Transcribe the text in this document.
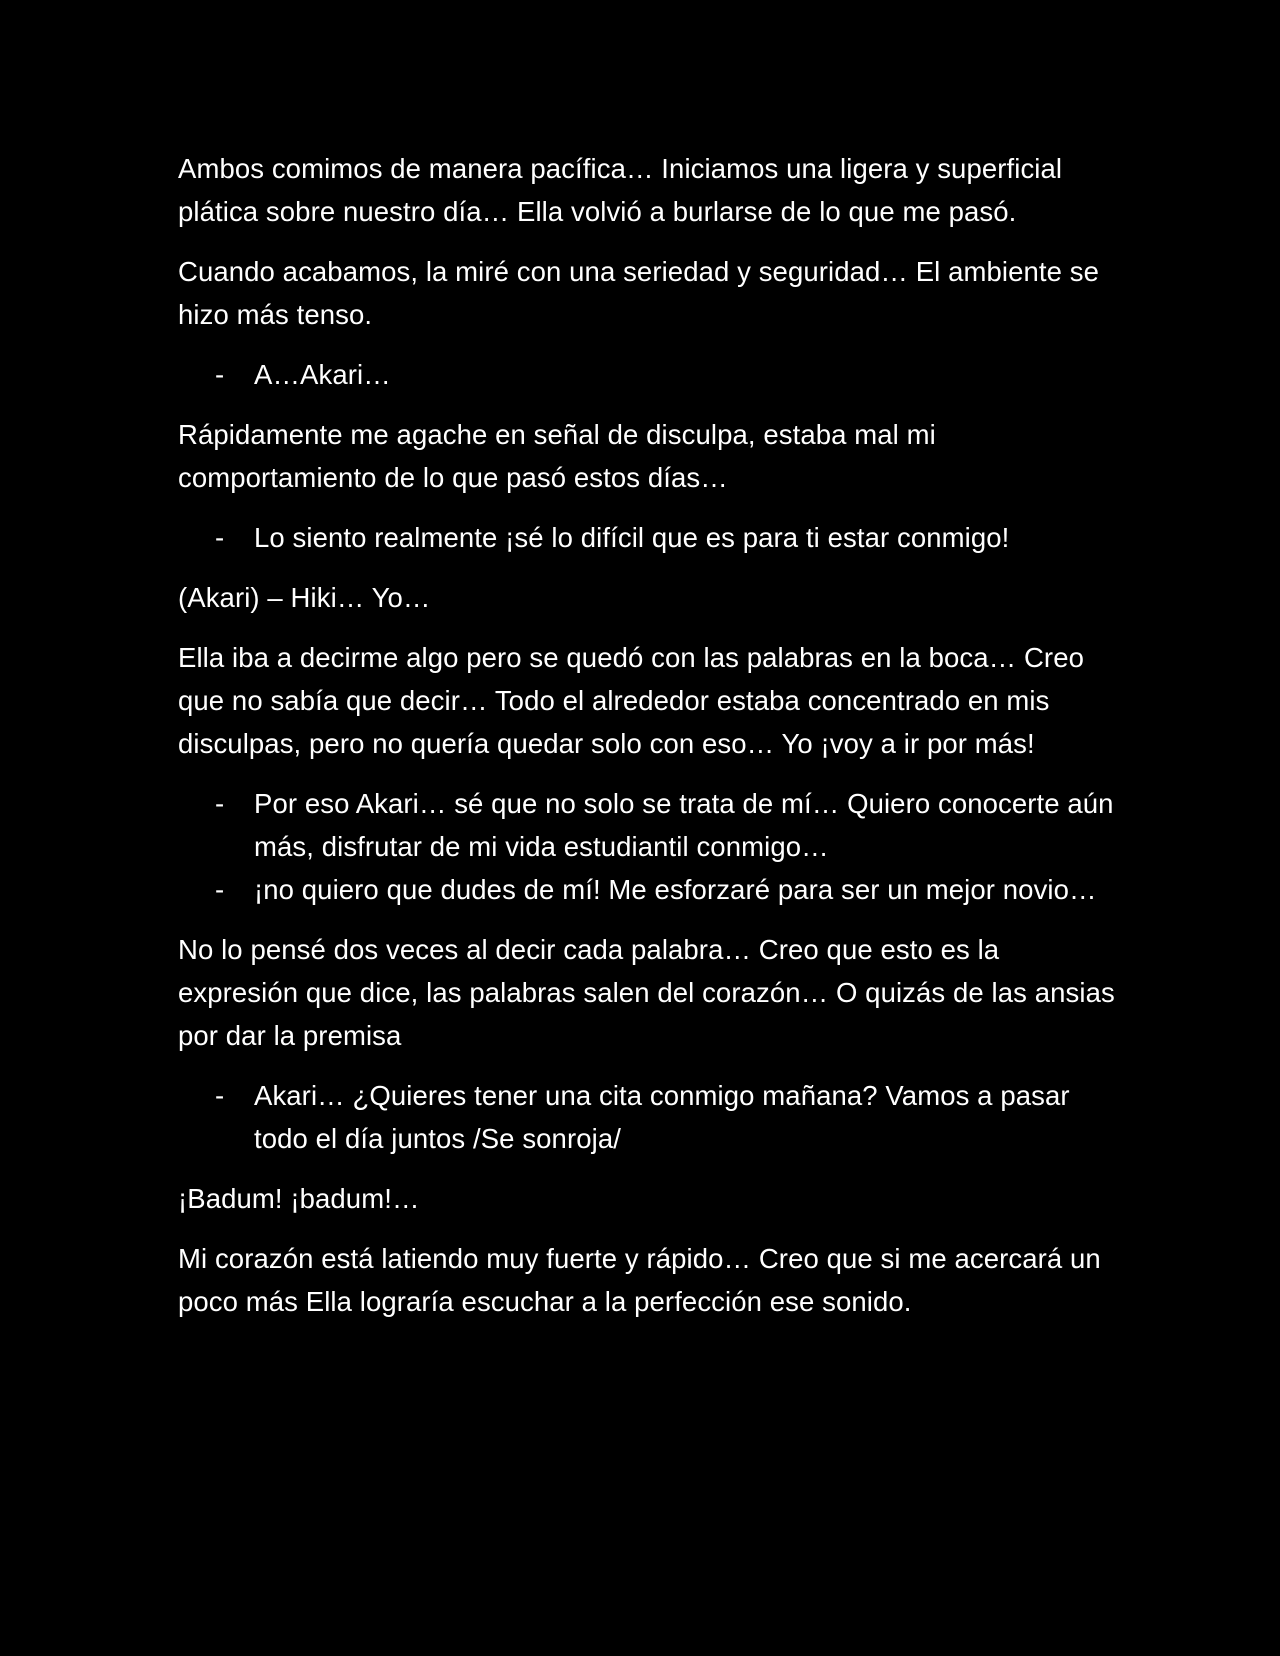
Ambos comimos de manera pacífica… Iniciamos una ligera y superficial plática sobre nuestro día… Ella volvió a burlarse de lo que me pasó.

Cuando acabamos, la miré con una seriedad y seguridad… El ambiente se hizo más tenso.

- A…Akari…

Rápidamente me agache en señal de disculpa, estaba mal mi comportamiento de lo que pasó estos días…

- Lo siento realmente ¡sé lo difícil que es para ti estar conmigo!

(Akari) – Hiki… Yo…

Ella iba a decirme algo pero se quedó con las palabras en la boca… Creo que no sabía que decir… Todo el alrededor estaba concentrado en mis disculpas, pero no quería quedar solo con eso… Yo ¡voy a ir por más!

- Por eso Akari… sé que no solo se trata de mí… Quiero conocerte aún más, disfrutar de mi vida estudiantil conmigo…
- ¡no quiero que dudes de mí! Me esforzaré para ser un mejor novio…

No lo pensé dos veces al decir cada palabra… Creo que esto es la expresión que dice, las palabras salen del corazón… O quizás de las ansias por dar la premisa

- Akari… ¿Quieres tener una cita conmigo mañana? Vamos a pasar todo el día juntos /Se sonroja/

¡Badum! ¡badum!…

Mi corazón está latiendo muy fuerte y rápido… Creo que si me acercará un poco más Ella lograría escuchar a la perfección ese sonido.
